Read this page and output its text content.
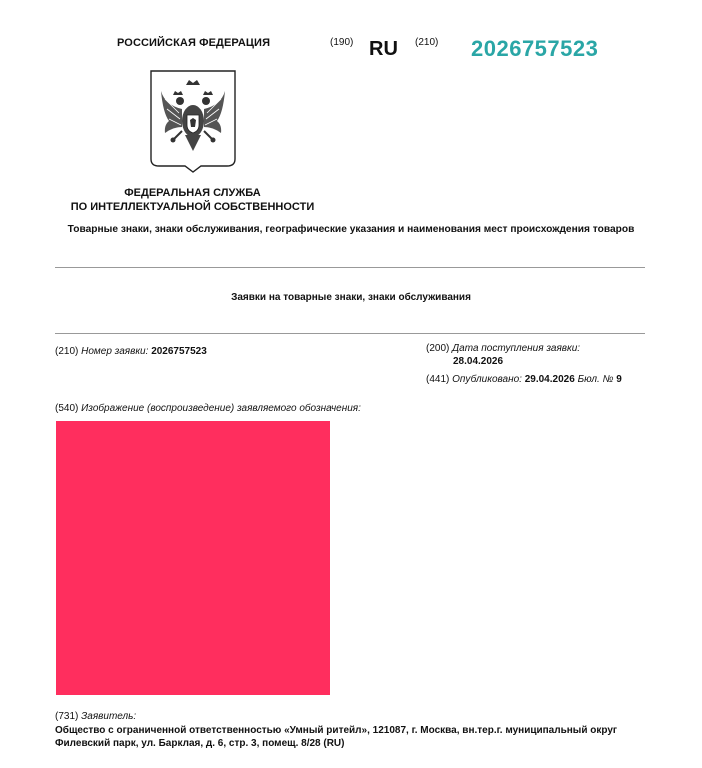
РОССИЙСКАЯ ФЕДЕРАЦИЯ	(190) RU (210) 2026757523
ФЕДЕРАЛЬНАЯ СЛУЖБА
ПО ИНТЕЛЛЕКТУАЛЬНОЙ СОБСТВЕННОСТИ
Товарные знаки, знаки обслуживания, географические указания и наименования мест происхождения товаров
Заявки на товарные знаки, знаки обслуживания
(210) Номер заявки: 2026757523	(200) Дата поступления заявки:
28.04.2026
(441) Опубликовано: 29.04.2026 Бюл. № 9
(540) Изображение (воспроизведение) заявляемого обозначения:
(731) Заявитель:
Общество с ограниченной ответственностью «Умный ритейл», 121087, г. Москва, вн.тер.г. муниципальный округ
Филевский парк, ул. Барклая, д. 6, стр. 3, помещ. 8/28 (RU)
